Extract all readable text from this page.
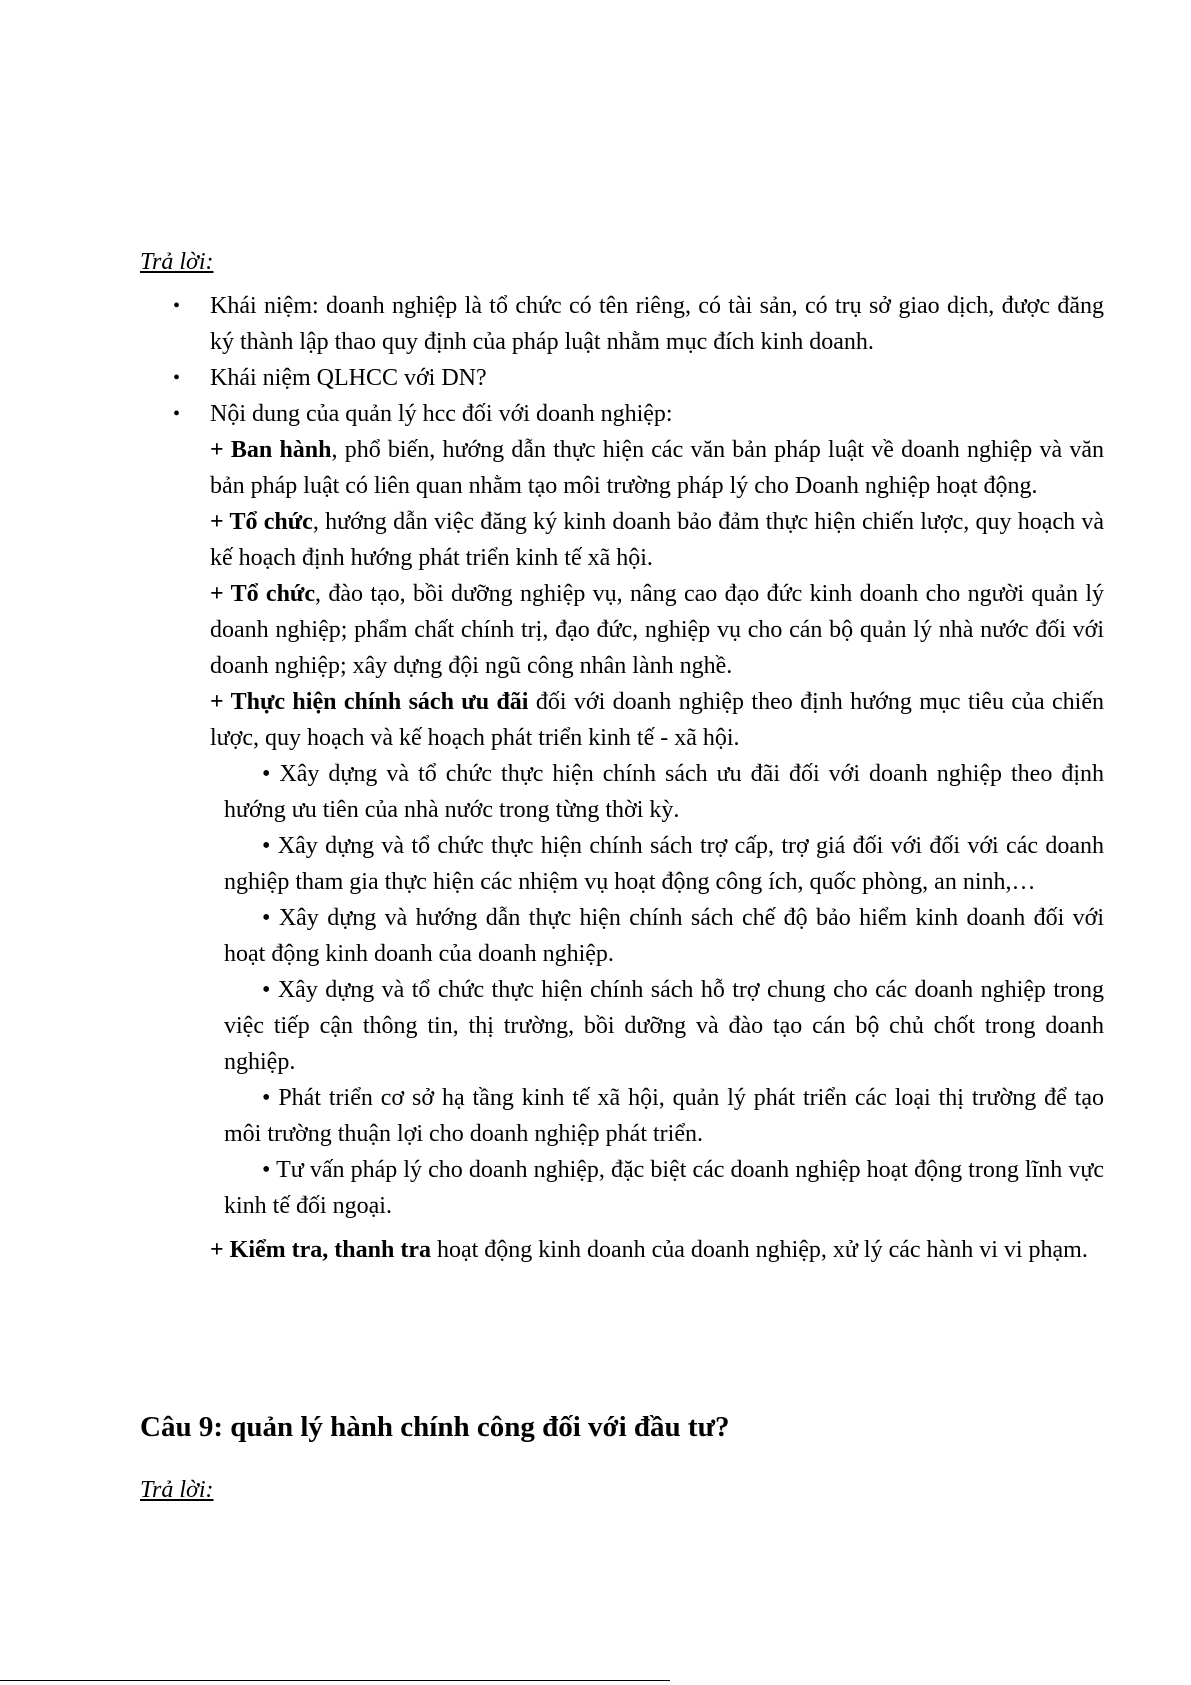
Trả lời:

• Khái niệm: doanh nghiệp là tổ chức có tên riêng, có tài sản, có trụ sở giao dịch, được đăng ký thành lập thao quy định của pháp luật nhằm mục đích kinh doanh.

• Khái niệm QLHCC với DN?

• Nội dung của quản lý hcc đối với doanh nghiệp:

+ Ban hành, phổ biến, hướng dẫn thực hiện các văn bản pháp luật về doanh nghiệp và văn bản pháp luật có liên quan nhằm tạo môi trường pháp lý cho Doanh nghiệp hoạt động.

+ Tổ chức, hướng dẫn việc đăng ký kinh doanh bảo đảm thực hiện chiến lược, quy hoạch và kế hoạch định hướng phát triển kinh tế xã hội.

+ Tổ chức, đào tạo, bồi dưỡng nghiệp vụ, nâng cao đạo đức kinh doanh cho người quản lý doanh nghiệp; phẩm chất chính trị, đạo đức, nghiệp vụ cho cán bộ quản lý nhà nước đối với doanh nghiệp; xây dựng đội ngũ công nhân lành nghề.

+ Thực hiện chính sách ưu đãi đối với doanh nghiệp theo định hướng mục tiêu của chiến lược, quy hoạch và kế hoạch phát triển kinh tế - xã hội.

• Xây dựng và tổ chức thực hiện chính sách ưu đãi đối với doanh nghiệp theo định hướng ưu tiên của nhà nước trong từng thời kỳ.

• Xây dựng và tổ chức thực hiện chính sách trợ cấp, trợ giá đối với đối với các doanh nghiệp tham gia thực hiện các nhiệm vụ hoạt động công ích, quốc phòng, an ninh,…

• Xây dựng và hướng dẫn thực hiện chính sách chế độ bảo hiểm kinh doanh đối với hoạt động kinh doanh của doanh nghiệp.

• Xây dựng và tổ chức thực hiện chính sách hỗ trợ chung cho các doanh nghiệp trong việc tiếp cận thông tin, thị trường, bồi dưỡng và đào tạo cán bộ chủ chốt trong doanh nghiệp.

• Phát triển cơ sở hạ tầng kinh tế xã hội, quản lý phát triển các loại thị trường để tạo môi trường thuận lợi cho doanh nghiệp phát triển.

• Tư vấn pháp lý cho doanh nghiệp, đặc biệt các doanh nghiệp hoạt động trong lĩnh vực kinh tế đối ngoại.

+ Kiểm tra, thanh tra hoạt động kinh doanh của doanh nghiệp, xử lý các hành vi vi phạm.

Câu 9: quản lý hành chính công đối với đầu tư?
Trả lời:
